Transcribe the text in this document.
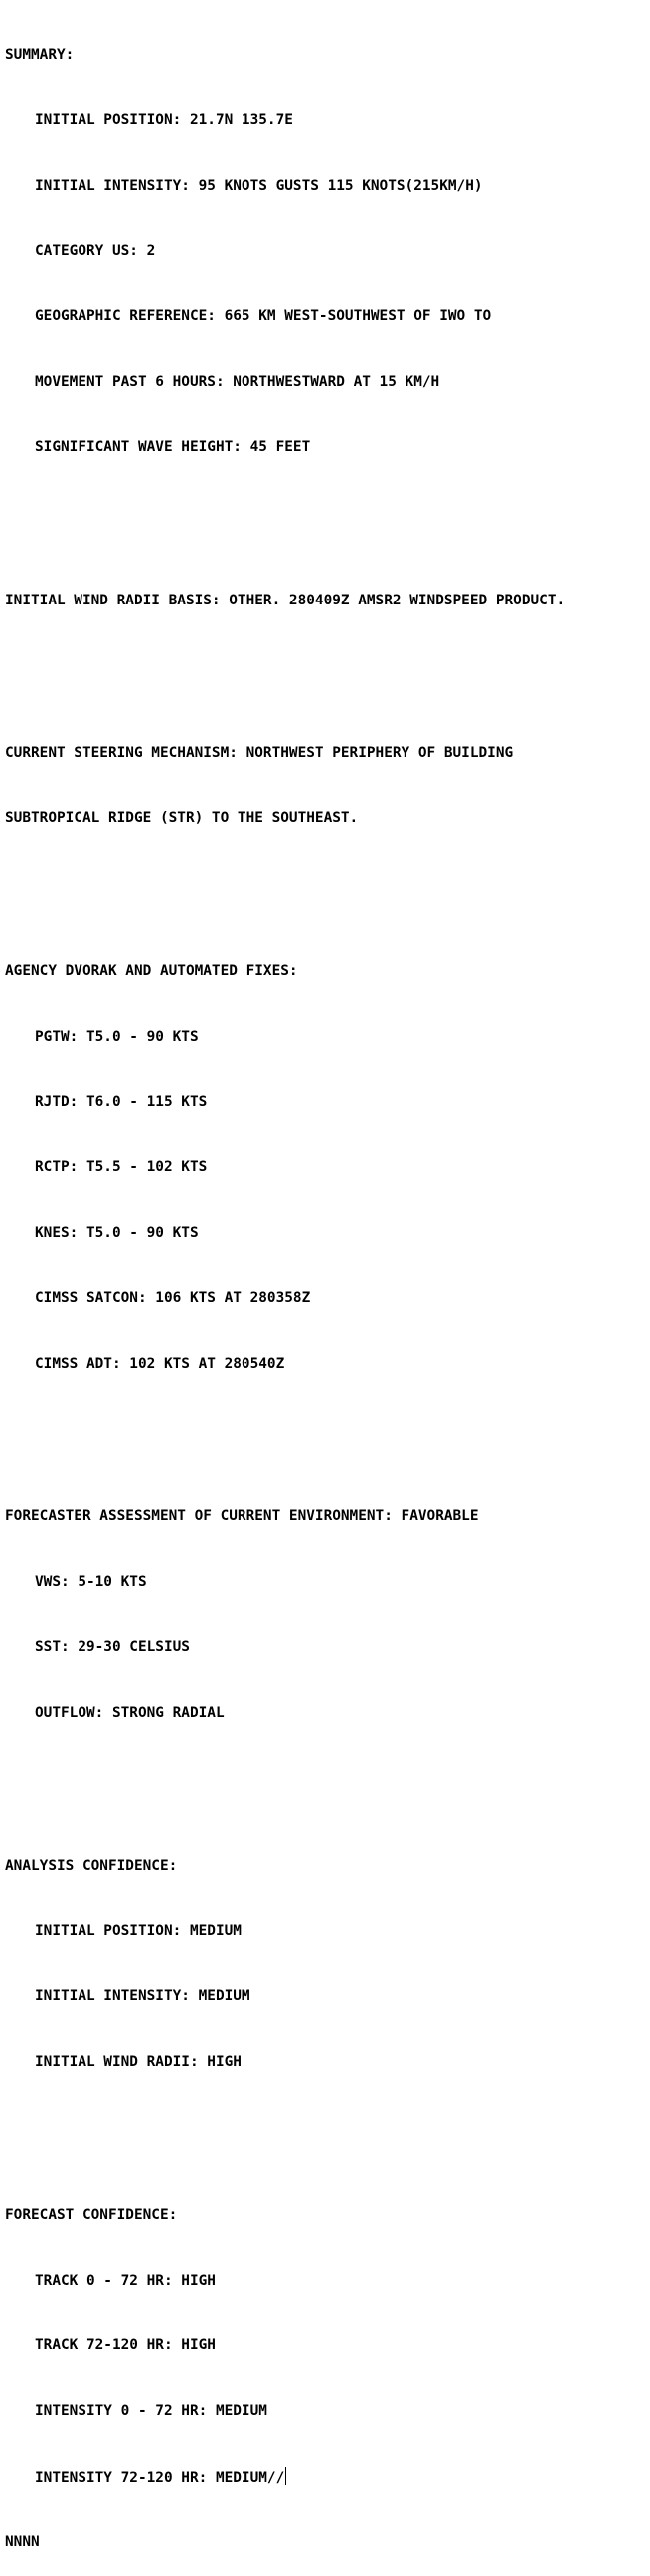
SUMMARY:

INITIAL POSITION: 21.7N 135.7E

INITIAL INTENSITY: 95 KNOTS GUSTS 115 KNOTS(215KM/H)

CATEGORY US: 2

GEOGRAPHIC REFERENCE: 665 KM WEST-SOUTHWEST OF IWO TO

MOVEMENT PAST 6 HOURS: NORTHWESTWARD AT 15 KM/H

SIGNIFICANT WAVE HEIGHT: 45 FEET

INITIAL WIND RADII BASIS: OTHER. 280409Z AMSR2 WINDSPEED PRODUCT.

CURRENT STEERING MECHANISM: NORTHWEST PERIPHERY OF BUILDING

SUBTROPICAL RIDGE (STR) TO THE SOUTHEAST.

AGENCY DVORAK AND AUTOMATED FIXES:

PGTW: T5.0 - 90 KTS

RJTD: T6.0 - 115 KTS

RCTP: T5.5 - 102 KTS

KNES: T5.0 - 90 KTS

CIMSS SATCON: 106 KTS AT 280358Z

CIMSS ADT: 102 KTS AT 280540Z

FORECASTER ASSESSMENT OF CURRENT ENVIRONMENT: FAVORABLE

VWS: 5-10 KTS

SST: 29-30 CELSIUS

OUTFLOW: STRONG RADIAL

ANALYSIS CONFIDENCE:

INITIAL POSITION: MEDIUM

INITIAL INTENSITY: MEDIUM

INITIAL WIND RADII: HIGH

FORECAST CONFIDENCE:

TRACK 0 - 72 HR: HIGH

TRACK 72-120 HR: HIGH

INTENSITY 0 - 72 HR: MEDIUM

INTENSITY 72-120 HR: MEDIUM//

NNNN
